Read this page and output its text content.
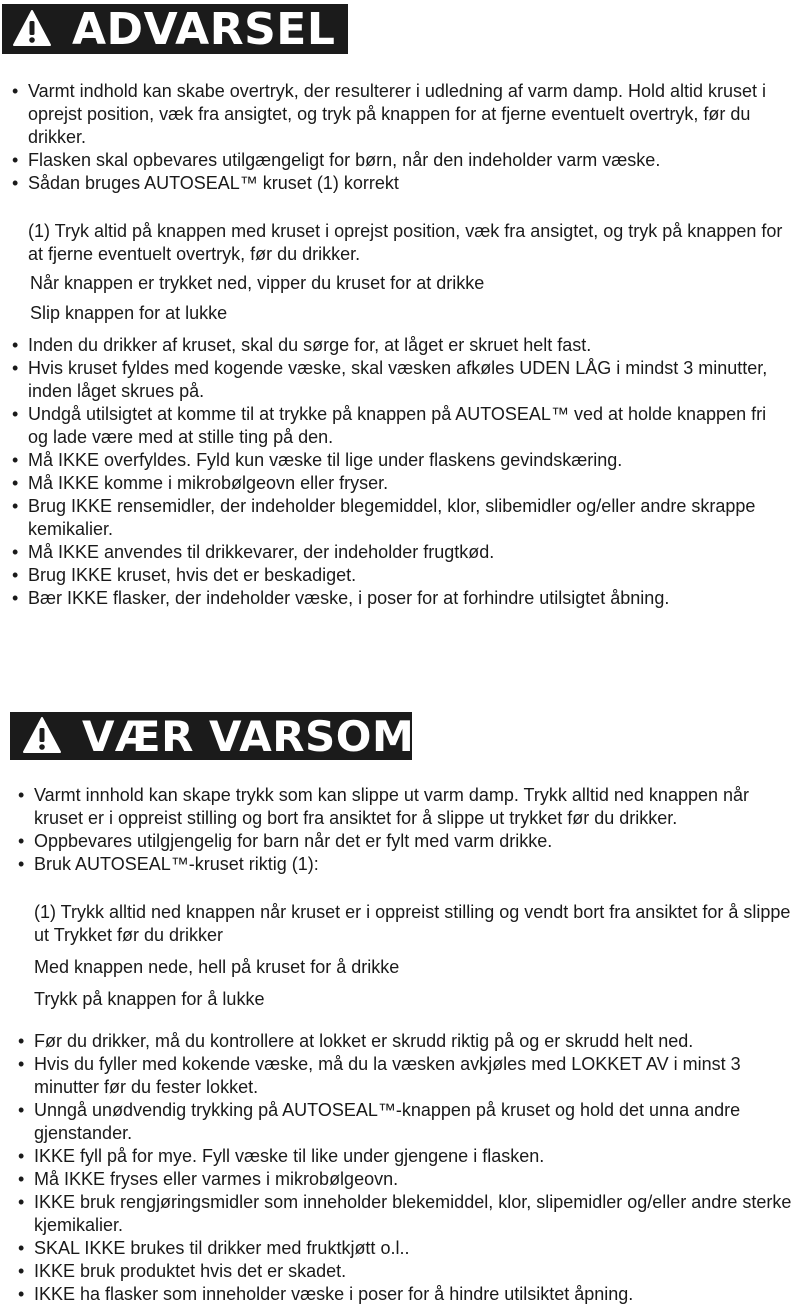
ADVARSEL
• Varmt indhold kan skabe overtryk, der resulterer i udledning af varm damp. Hold altid kruset i oprejst position, væk fra ansigtet, og tryk på knappen for at fjerne eventuelt overtryk, før du drikker.
• Flasken skal opbevares utilgængeligt for børn, når den indeholder varm væske.
• Sådan bruges AUTOSEAL™ kruset (1) korrekt

(1) Tryk altid på knappen med kruset i oprejst position, væk fra ansigtet, og tryk på knappen for at fjerne eventuelt overtryk, før du drikker.

Når knappen er trykket ned, vipper du kruset for at drikke

Slip knappen for at lukke

• Inden du drikker af kruset, skal du sørge for, at låget er skruet helt fast.
• Hvis kruset fyldes med kogende væske, skal væsken afkøles UDEN LÅG i mindst 3 minutter, inden låget skrues på.
• Undgå utilsigtet at komme til at trykke på knappen på AUTOSEAL™ ved at holde knappen fri og lade være med at stille ting på den.
• Må IKKE overfyldes. Fyld kun væske til lige under flaskens gevindskæring.
• Må IKKE komme i mikrobølgeovn eller fryser.
• Brug IKKE rensemidler, der indeholder blegemiddel, klor, slibemidler og/eller andre skrappe kemikalier.
• Må IKKE anvendes til drikkevarer, der indeholder frugtkød.
• Brug IKKE kruset, hvis det er beskadiget.
• Bær IKKE flasker, der indeholder væske, i poser for at forhindre utilsigtet åbning.
VÆR VARSOM
• Varmt innhold kan skape trykk som kan slippe ut varm damp. Trykk alltid ned knappen når kruset er i oppreist stilling og bort fra ansiktet for å slippe ut trykket før du drikker.
• Oppbevares utilgjengelig for barn når det er fylt med varm drikke.
• Bruk AUTOSEAL™-kruset riktig (1):

(1) Trykk alltid ned knappen når kruset er i oppreist stilling og vendt bort fra ansiktet for å slippe ut Trykket før du drikker

Med knappen nede, hell på kruset for å drikke

Trykk på knappen for å lukke

• Før du drikker, må du kontrollere at lokket er skrudd riktig på og er skrudd helt ned.
• Hvis du fyller med kokende væske, må du la væsken avkjøles med LOKKET AV i minst 3 minutter før du fester lokket.
• Unngå unødvendig trykking på AUTOSEAL™-knappen på kruset og hold det unna andre gjenstander.
• IKKE fyll på for mye. Fyll væske til like under gjengene i flasken.
• Må IKKE fryses eller varmes i mikrobølgeovn.
• IKKE bruk rengjøringsmidler som inneholder blekemiddel, klor, slipemidler og/eller andre sterke kjemikalier.
• SKAL IKKE brukes til drikker med fruktkjøtt o.l..
• IKKE bruk produktet hvis det er skadet.
• IKKE ha flasker som inneholder væske i poser for å hindre utilsiktet åpning.
